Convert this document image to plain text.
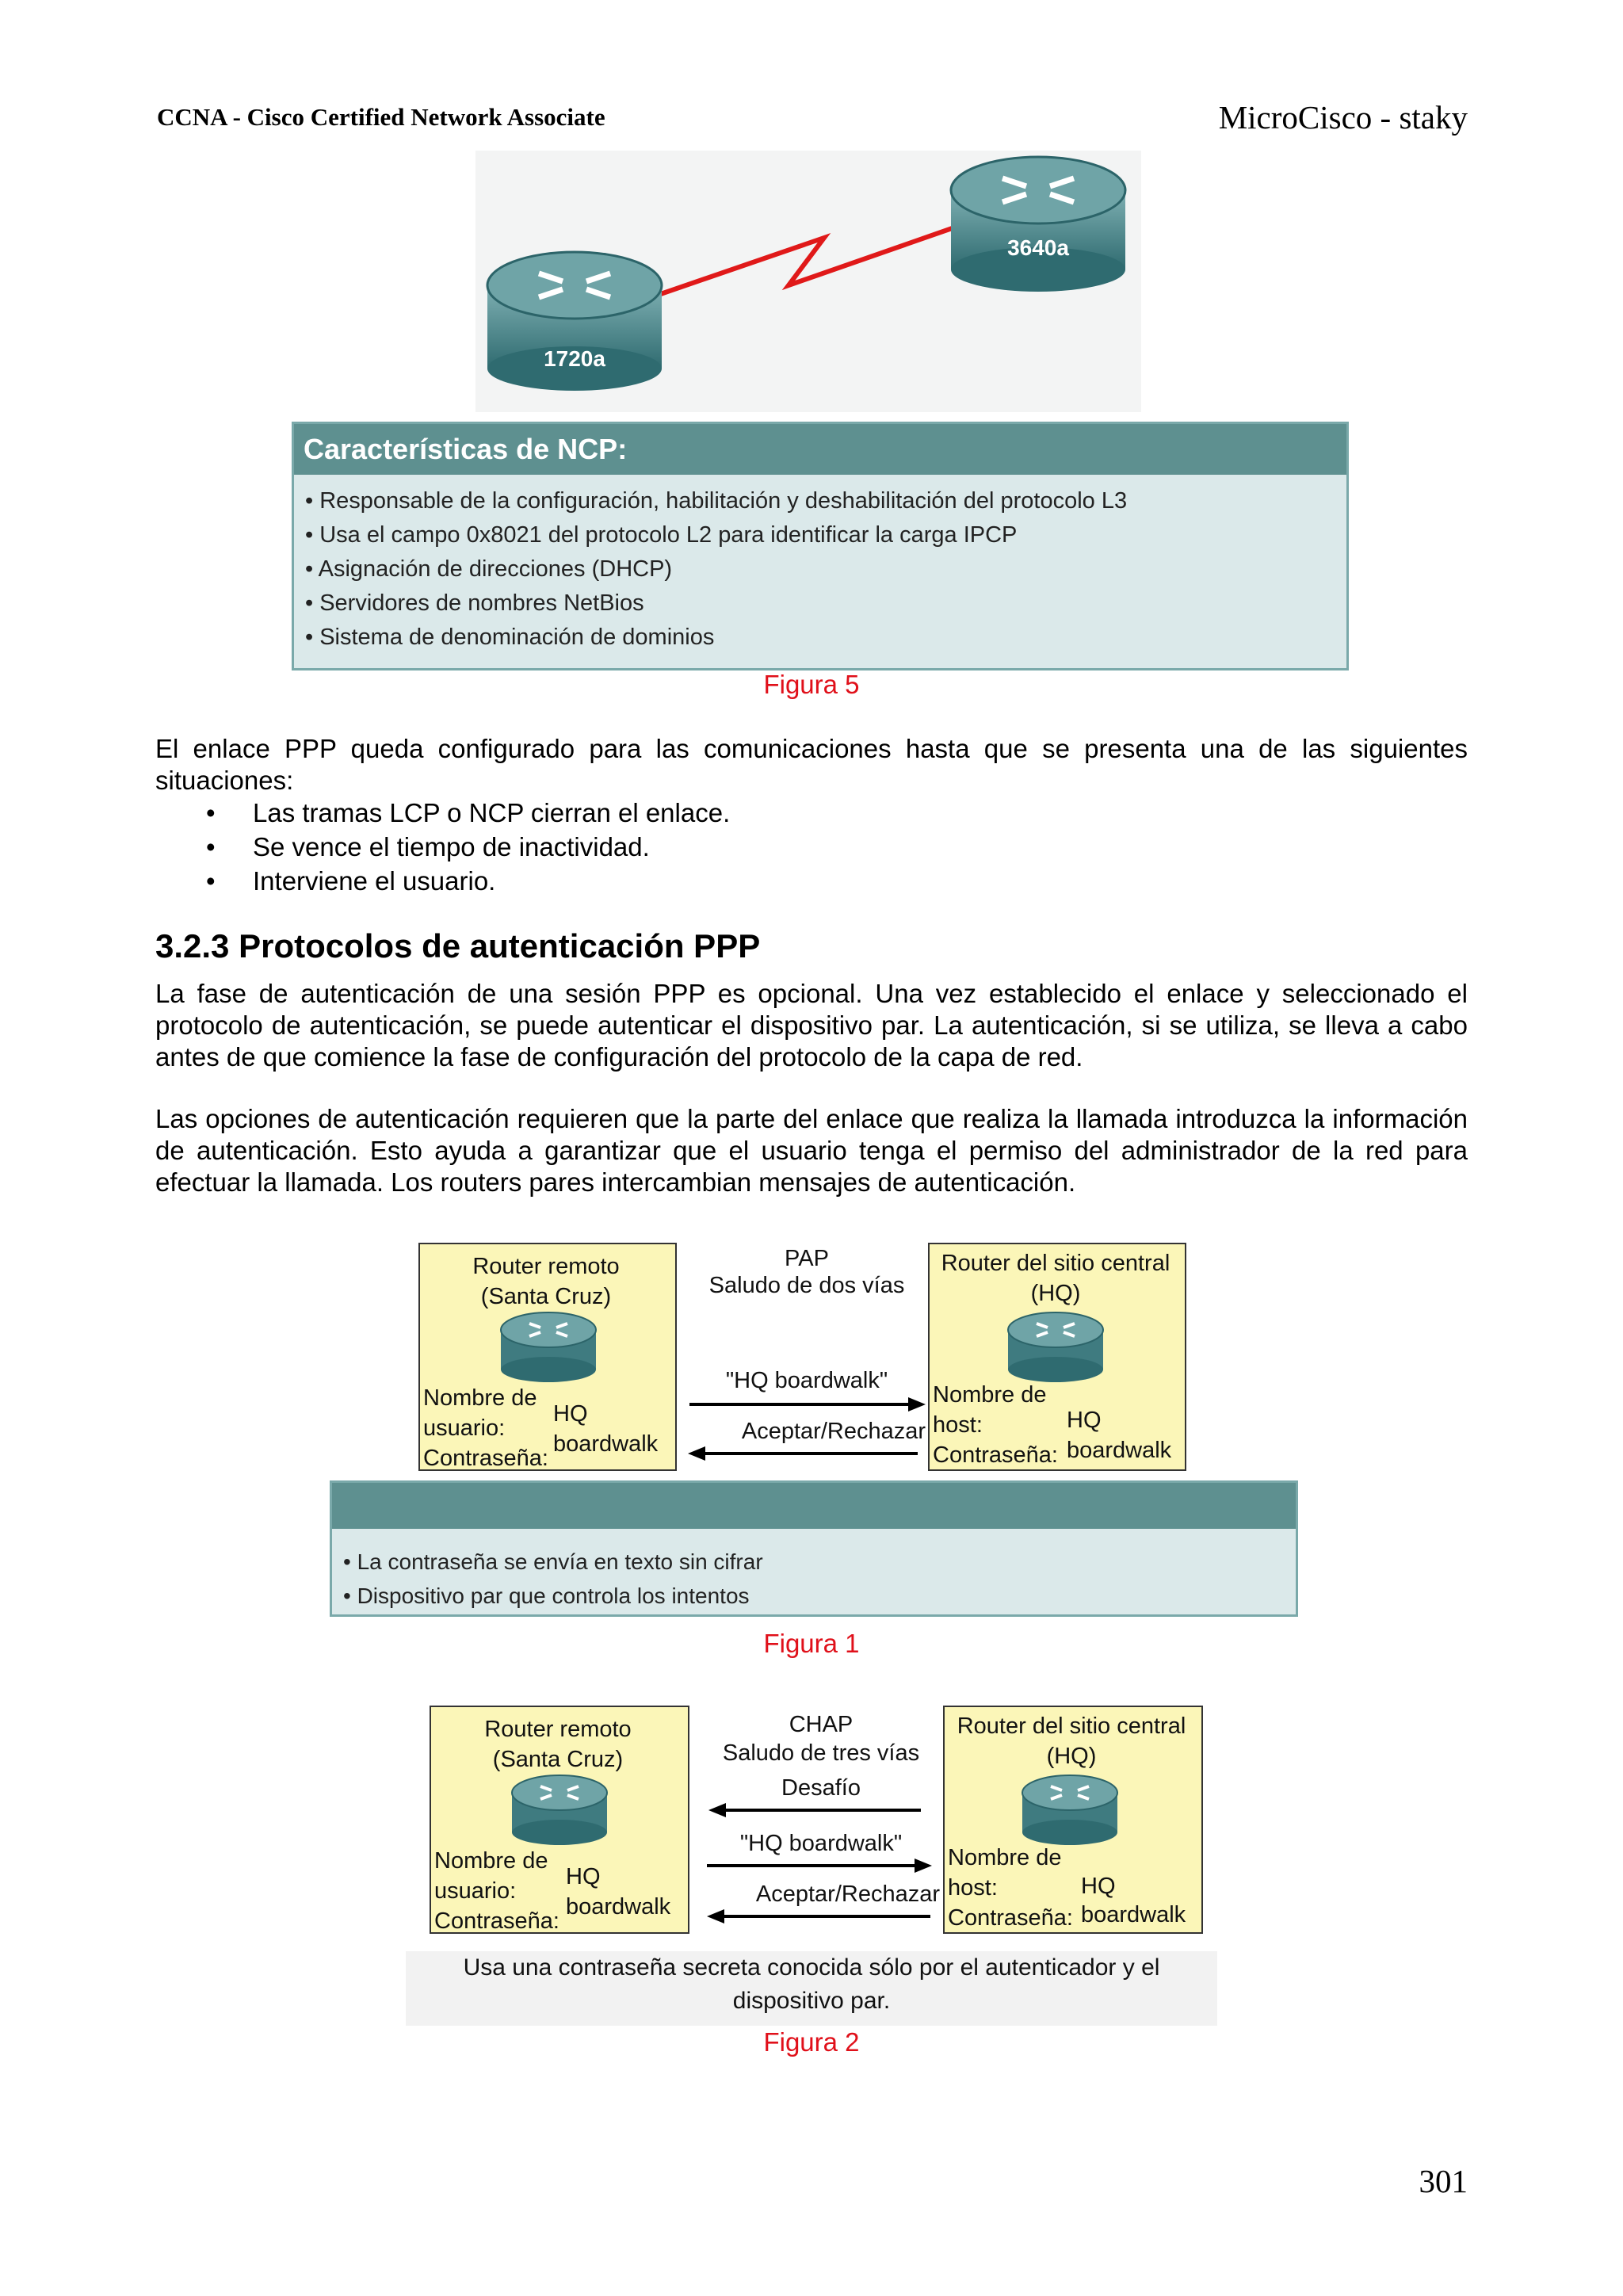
CCNA - Cisco Certified Network Associate	MicroCisco - staky
1720a
3640a
Características de NCP:
• Responsable de la configuración, habilitación y deshabilitación del protocolo L3
• Usa el campo 0x8021 del protocolo L2 para identificar la carga IPCP
• Asignación de direcciones (DHCP)
• Servidores de nombres NetBios
• Sistema de denominación de dominios
Figura 5
El enlace PPP queda configurado para las comunicaciones hasta que se presenta una de las siguientes situaciones:
• Las tramas LCP o NCP cierran el enlace.
• Se vence el tiempo de inactividad.
• Interviene el usuario.
3.2.3 Protocolos de autenticación PPP
La fase de autenticación de una sesión PPP es opcional. Una vez establecido el enlace y seleccionado el protocolo de autenticación, se puede autenticar el dispositivo par. La autenticación, si se utiliza, se lleva a cabo antes de que comience la fase de configuración del protocolo de la capa de red.
Las opciones de autenticación requieren que la parte del enlace que realiza la llamada introduzca la información de autenticación. Esto ayuda a garantizar que el usuario tenga el permiso del administrador de la red para efectuar la llamada. Los routers pares intercambian mensajes de autenticación.
Router remoto
(Santa Cruz)
Nombre de
usuario:
Contraseña:
HQ
boardwalk
PAP
Saludo de dos vías
"HQ boardwalk"
Aceptar/Rechazar
Router del sitio central
(HQ)
Nombre de
host:
Contraseña:
HQ
boardwalk
• La contraseña se envía en texto sin cifrar
• Dispositivo par que controla los intentos
Figura 1
Router remoto
(Santa Cruz)
Nombre de
usuario:
Contraseña:
HQ
boardwalk
CHAP
Saludo de tres vías
Desafío
"HQ boardwalk"
Aceptar/Rechazar
Router del sitio central
(HQ)
Nombre de
host:
Contraseña:
HQ
boardwalk
Usa una contraseña secreta conocida sólo por el autenticador y el
dispositivo par.
Figura 2
301
